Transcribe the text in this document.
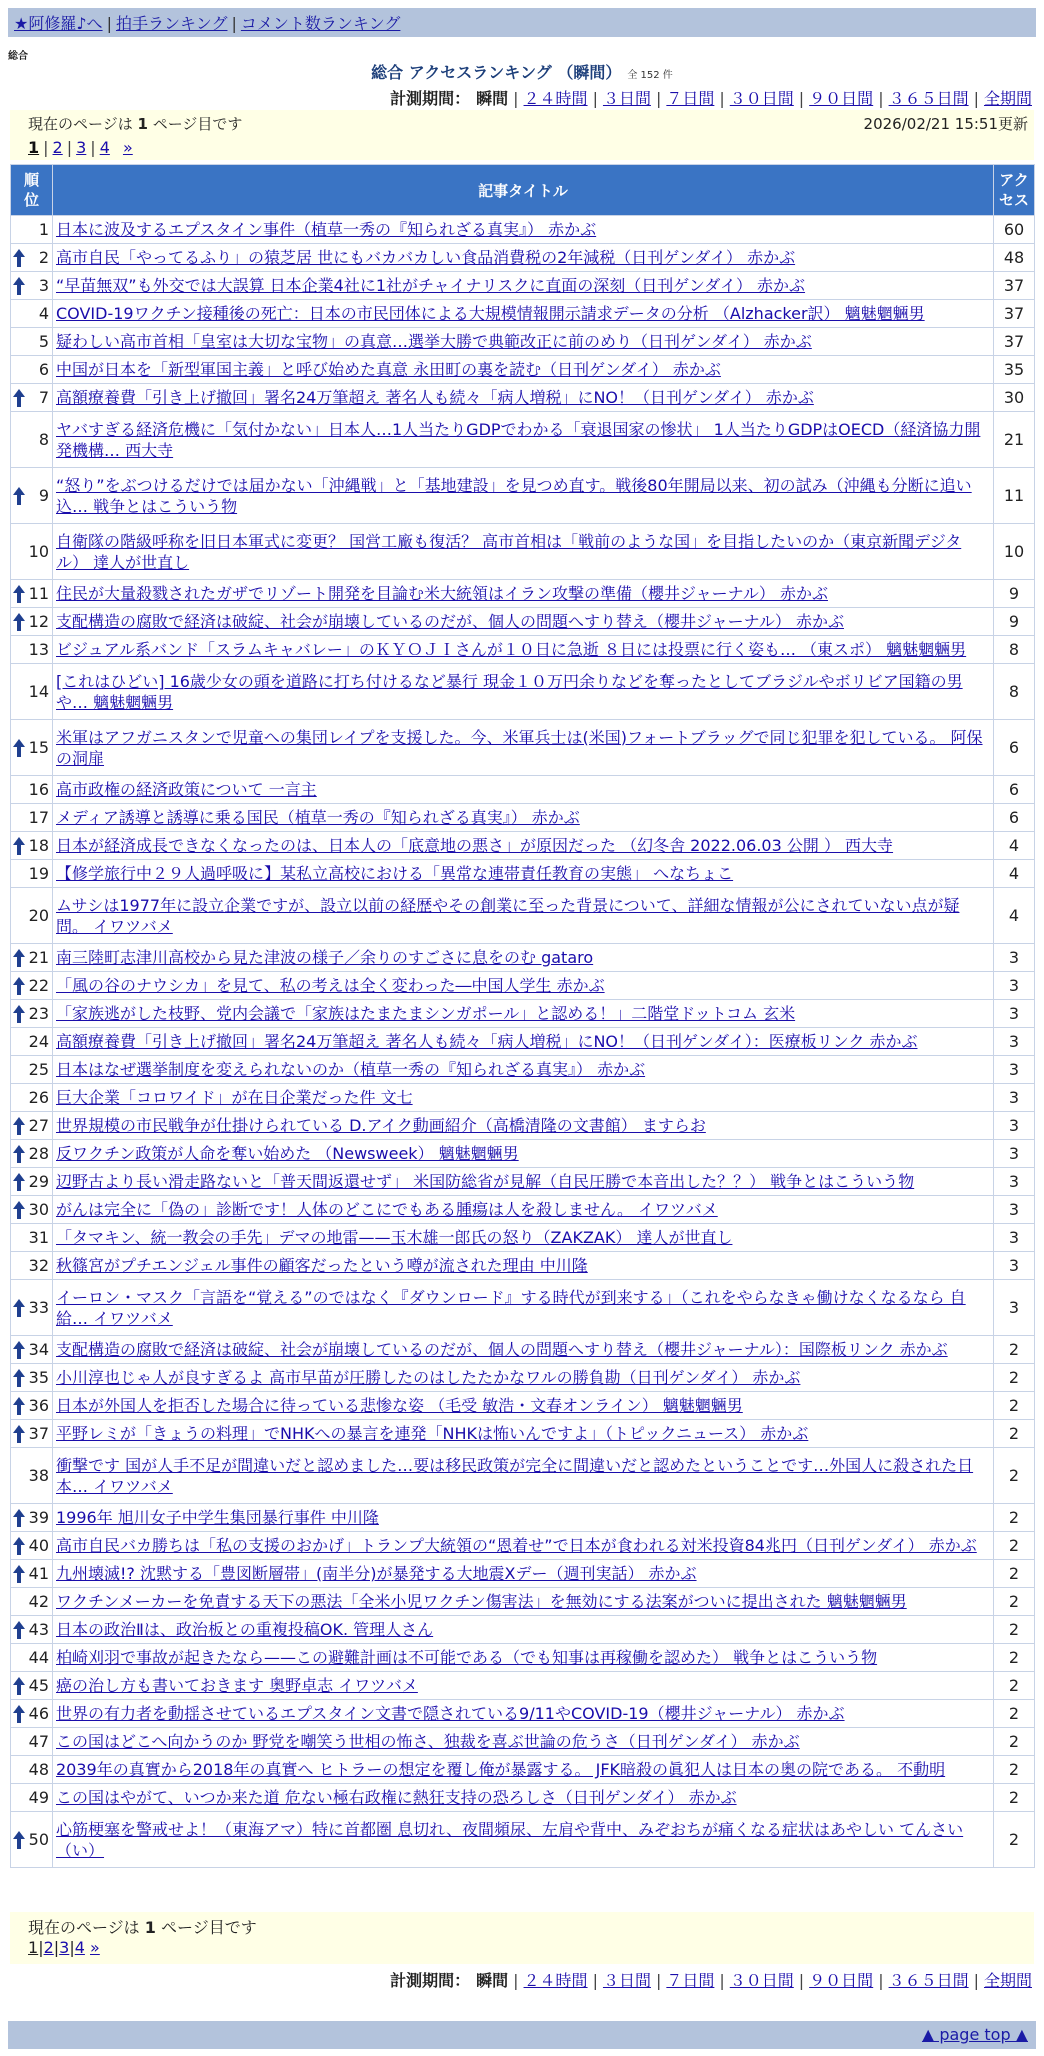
★阿修羅♪へ | 拍手ランキング | コメント数ランキング
総合
総合 アクセスランキング （瞬間） 全 152 件
計測期間： 瞬間 | ２４時間 | ３日間 | ７日間 | ３０日間 | ９０日間 | ３６５日間 | 全期間
現在のページは 1 ページ目です	2026/02/21 15:51更新
1 | 2 | 3 | 4 »
順位	記事タイトル	アクセス

1	日本に波及するエプスタイン事件（植草一秀の『知られざる真実』） 赤かぶ	60

2	高市自民「やってるふり」の猿芝居 世にもバカバカしい食品消費税の2年減税（日刊ゲンダイ） 赤かぶ	48

3	“早苗無双”も外交では大誤算 日本企業4社に1社がチャイナリスクに直面の深刻（日刊ゲンダイ） 赤かぶ	37
4	COVID-19ワクチン接種後の死亡：日本の市民団体による大規模情報開示請求データの分析 （Alzhacker訳） 魑魅魍魎男	37
5	疑わしい高市首相「皇室は大切な宝物」の真意…選挙大勝で典範改正に前のめり（日刊ゲンダイ） 赤かぶ	37
6	中国が日本を「新型軍国主義」と呼び始めた真意 永田町の裏を読む（日刊ゲンダイ） 赤かぶ	35

7	高額療養費「引き上げ撤回」署名24万筆超え 著名人も続々「病人増税」にNO！（日刊ゲンダイ） 赤かぶ	30
8	ヤバすぎる経済危機に「気付かない」日本人…1人当たりGDPでわかる「衰退国家の惨状」 1人当たりGDPはOECD（経済協力開発機構… 西大寺	21

9	“怒り”をぶつけるだけでは届かない「沖縄戦」と「基地建設」を見つめ直す。戦後80年開局以来、初の試み（沖縄も分断に追い込… 戦争とはこういう物	11
10	自衛隊の階級呼称を旧日本軍式に変更？ 国営工廠も復活？ 高市首相は「戦前のような国」を目指したいのか（東京新聞デジタル） 達人が世直し	10

11	住民が大量殺戮されたガザでリゾート開発を目論む米大統領はイラン攻撃の準備（櫻井ジャーナル） 赤かぶ	9

12	支配構造の腐敗で経済は破綻、社会が崩壊しているのだが、個人の問題へすり替え（櫻井ジャーナル） 赤かぶ	9
13	ビジュアル系バンド「スラムキャバレー」のＫＹＯＪＩさんが１０日に急逝 ８日には投票に行く姿も… （東スポ） 魑魅魍魎男	8
14	[これはひどい] 16歳少女の頭を道路に打ち付けるなど暴行 現金１０万円余りなどを奪ったとしてブラジルやボリビア国籍の男や… 魑魅魍魎男	8

15	米軍はアフガニスタンで児童への集団レイプを支援した。今、米軍兵士は(米国)フォートブラッグで同じ犯罪を犯している。 阿保の洞扉	6
16	高市政権の経済政策について 一言主	6
17	メディア誘導と誘導に乗る国民（植草一秀の『知られざる真実』） 赤かぶ	6

18	日本が経済成長できなくなったのは、日本人の「底意地の悪さ」が原因だった （幻冬舎 2022.06.03 公開 ） 西大寺	4
19	【修学旅行中２９人過呼吸に】某私立高校における「異常な連帯責任教育の実態」 へなちょこ	4
20	ムサシは1977年に設立企業ですが、設立以前の経歴やその創業に至った背景について、詳細な情報が公にされていない点が疑問。 イワツバメ	4

21	南三陸町志津川高校から見た津波の様子／余りのすごさに息をのむ gataro	3

22	「風の谷のナウシカ」を見て、私の考えは全く変わった―中国人学生 赤かぶ	3

23	「家族逃がした枝野、党内会議で「家族はたまたまシンガポール」と認める！」二階堂ドットコム 玄米	3
24	高額療養費「引き上げ撤回」署名24万筆超え 著名人も続々「病人増税」にNO！（日刊ゲンダイ）：医療板リンク 赤かぶ	3
25	日本はなぜ選挙制度を変えられないのか（植草一秀の『知られざる真実』） 赤かぶ	3
26	巨大企業「コロワイド」が在日企業だった件 文七	3

27	世界規模の市民戦争が仕掛けられている D.アイク動画紹介（高橋清隆の文書館） ますらお	3

28	反ワクチン政策が人命を奪い始めた （Newsweek） 魑魅魍魎男	3

29	辺野古より長い滑走路ないと「普天間返還せず」 米国防総省が見解（自民圧勝で本音出した？？） 戦争とはこういう物	3

30	がんは完全に「偽の」診断です！人体のどこにでもある腫瘍は人を殺しません。 イワツバメ	3
31	「タマキン、統一教会の手先」デマの地雷——玉木雄一郎氏の怒り（ZAKZAK） 達人が世直し	3
32	秋篠宮がプチエンジェル事件の顧客だったという噂が流された理由 中川隆	3

33	イーロン・マスク「言語を“覚える”のではなく『ダウンロード』する時代が到来する」（これをやらなきゃ働けなくなるなら 自給… イワツバメ	3

34	支配構造の腐敗で経済は破綻、社会が崩壊しているのだが、個人の問題へすり替え（櫻井ジャーナル）：国際板リンク 赤かぶ	2

35	小川淳也じゃ人が良すぎるよ 高市早苗が圧勝したのはしたたかなワルの勝負勘（日刊ゲンダイ） 赤かぶ	2

36	日本が外国人を拒否した場合に待っている悲惨な姿 （毛受 敏浩・文春オンライン） 魑魅魍魎男	2

37	平野レミが「きょうの料理」でNHKへの暴言を連発「NHKは怖いんですよ」（トピックニュース） 赤かぶ	2
38	衝撃です 国が人手不足が間違いだと認めました…要は移民政策が完全に間違いだと認めたということです…外国人に殺された日本… イワツバメ	2

39	1996年 旭川女子中学生集団暴行事件 中川隆	2

40	高市自民バカ勝ちは「私の支援のおかげ」トランプ大統領の“恩着せ”で日本が食われる対米投資84兆円（日刊ゲンダイ） 赤かぶ	2

41	九州壊滅!? 沈黙する「豊図断層帯」(南半分)が暴発する大地震Xデー（週刊実話） 赤かぶ	2
42	ワクチンメーカーを免責する天下の悪法「全米小児ワクチン傷害法」を無効にする法案がついに提出された 魑魅魍魎男	2

43	日本の政治Ⅱは、政治板との重複投稿OK. 管理人さん	2
44	柏崎刈羽で事故が起きたなら——この避難計画は不可能である（でも知事は再稼働を認めた） 戦争とはこういう物	2

45	癌の治し方も書いておきます 奥野卓志 イワツバメ	2

46	世界の有力者を動揺させているエプスタイン文書で隠されている9/11やCOVID-19（櫻井ジャーナル） 赤かぶ	2
47	この国はどこへ向かうのか 野党を嘲笑う世相の怖さ、独裁を喜ぶ世論の危うさ（日刊ゲンダイ） 赤かぶ	2
48	2039年の真實から2018年の真實へ ヒトラーの想定を覆し俺が暴露する。 JFK暗殺の眞犯人は日本の奥の院である。 不動明	2
49	この国はやがて、いつか来た道 危ない極右政権に熱狂支持の恐ろしさ（日刊ゲンダイ） 赤かぶ	2

50	心筋梗塞を警戒せよ！（東海アマ）特に首都圏 息切れ、夜間頻尿、左肩や背中、みぞおちが痛くなる症状はあやしい てんさい（い）	2
現在のページは 1 ページ目です
1|2|3|4 »
計測期間： 瞬間 | ２４時間 | ３日間 | ７日間 | ３０日間 | ９０日間 | ３６５日間 | 全期間
▲ page top ▲
